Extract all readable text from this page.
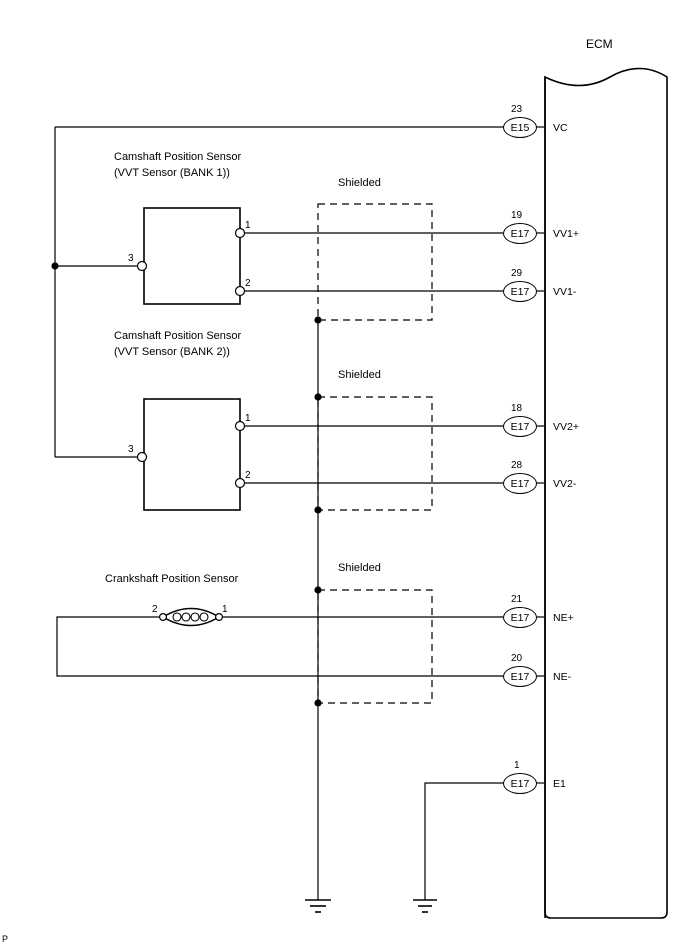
ECM
Camshaft Position Sensor
(VVT Sensor (BANK 1))
Camshaft Position Sensor
(VVT Sensor (BANK 2))
Crankshaft Position Sensor
Shielded
Shielded
Shielded
1
2
3
1
2
3
1
2
23
E15	VC
19
E17	VV1+
29
E17	VV1-
18
E17	VV2+
28
E17	VV2-
21
E17	NE+
20
E17	NE-
1
E17	E1
P
